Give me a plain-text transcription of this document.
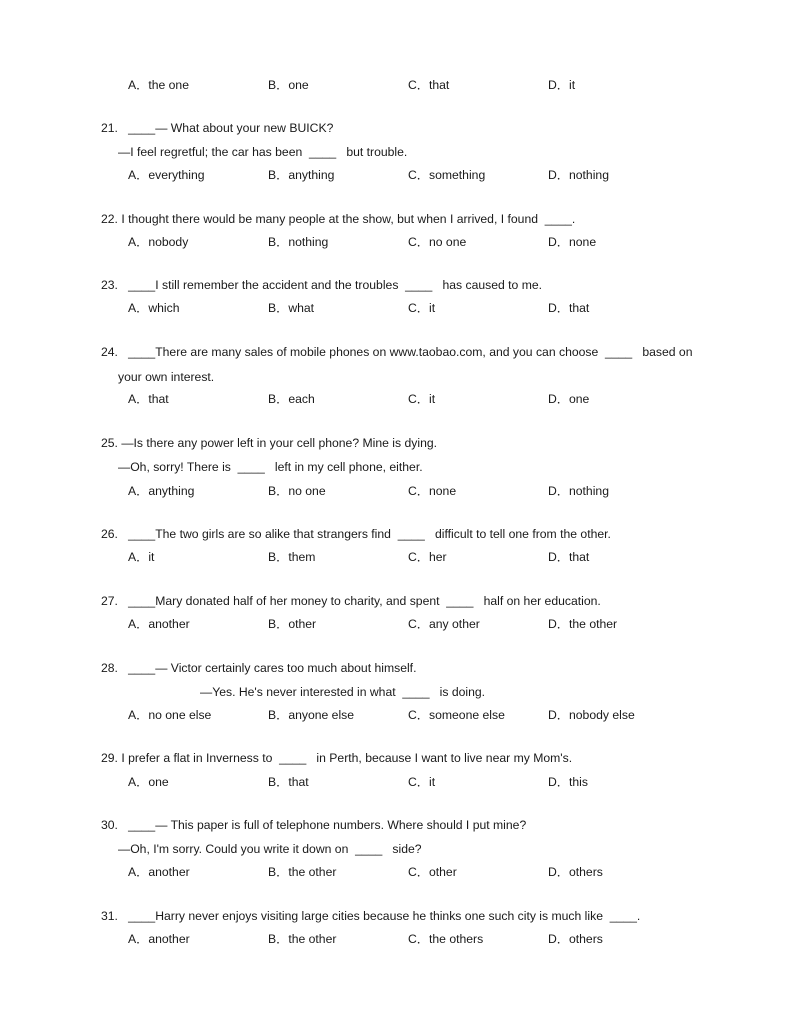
A．the one	B．one	C．that	D．it
21.   ____— What about your new BUICK?
—I feel regretful; the car has been  ____   but trouble.
A．everything	B．anything	C．something	D．nothing
22. I thought there would be many people at the show, but when I arrived, I found  ____.
A．nobody	B．nothing	C．no one	D．none
23.   ____I still remember the accident and the troubles  ____   has caused to me.
A．which	B．what	C．it	D．that
24.   ____There are many sales of mobile phones on www.taobao.com, and you can choose  ____   based on
your own interest.
A．that	B．each	C．it	D．one
25. —Is there any power left in your cell phone? Mine is dying.
—Oh, sorry! There is  ____   left in my cell phone, either.
A．anything	B．no one	C．none	D．nothing
26.   ____The two girls are so alike that strangers find  ____   difficult to tell one from the other.
A．it	B．them	C．her	D．that
27.   ____Mary donated half of her money to charity, and spent  ____   half on her education.
A．another	B．other	C．any other	D．the other
28.   ____— Victor certainly cares too much about himself.
—Yes. He's never interested in what  ____   is doing.
A．no one else	B．anyone else	C．someone else	D．nobody else
29. I prefer a flat in Inverness to  ____   in Perth, because I want to live near my Mom's.
A．one	B．that	C．it	D．this
30.   ____— This paper is full of telephone numbers. Where should I put mine?
—Oh, I'm sorry. Could you write it down on  ____   side?
A．another	B．the other	C．other	D．others
31.   ____Harry never enjoys visiting large cities because he thinks one such city is much like  ____.
A．another	B．the other	C．the others	D．others
